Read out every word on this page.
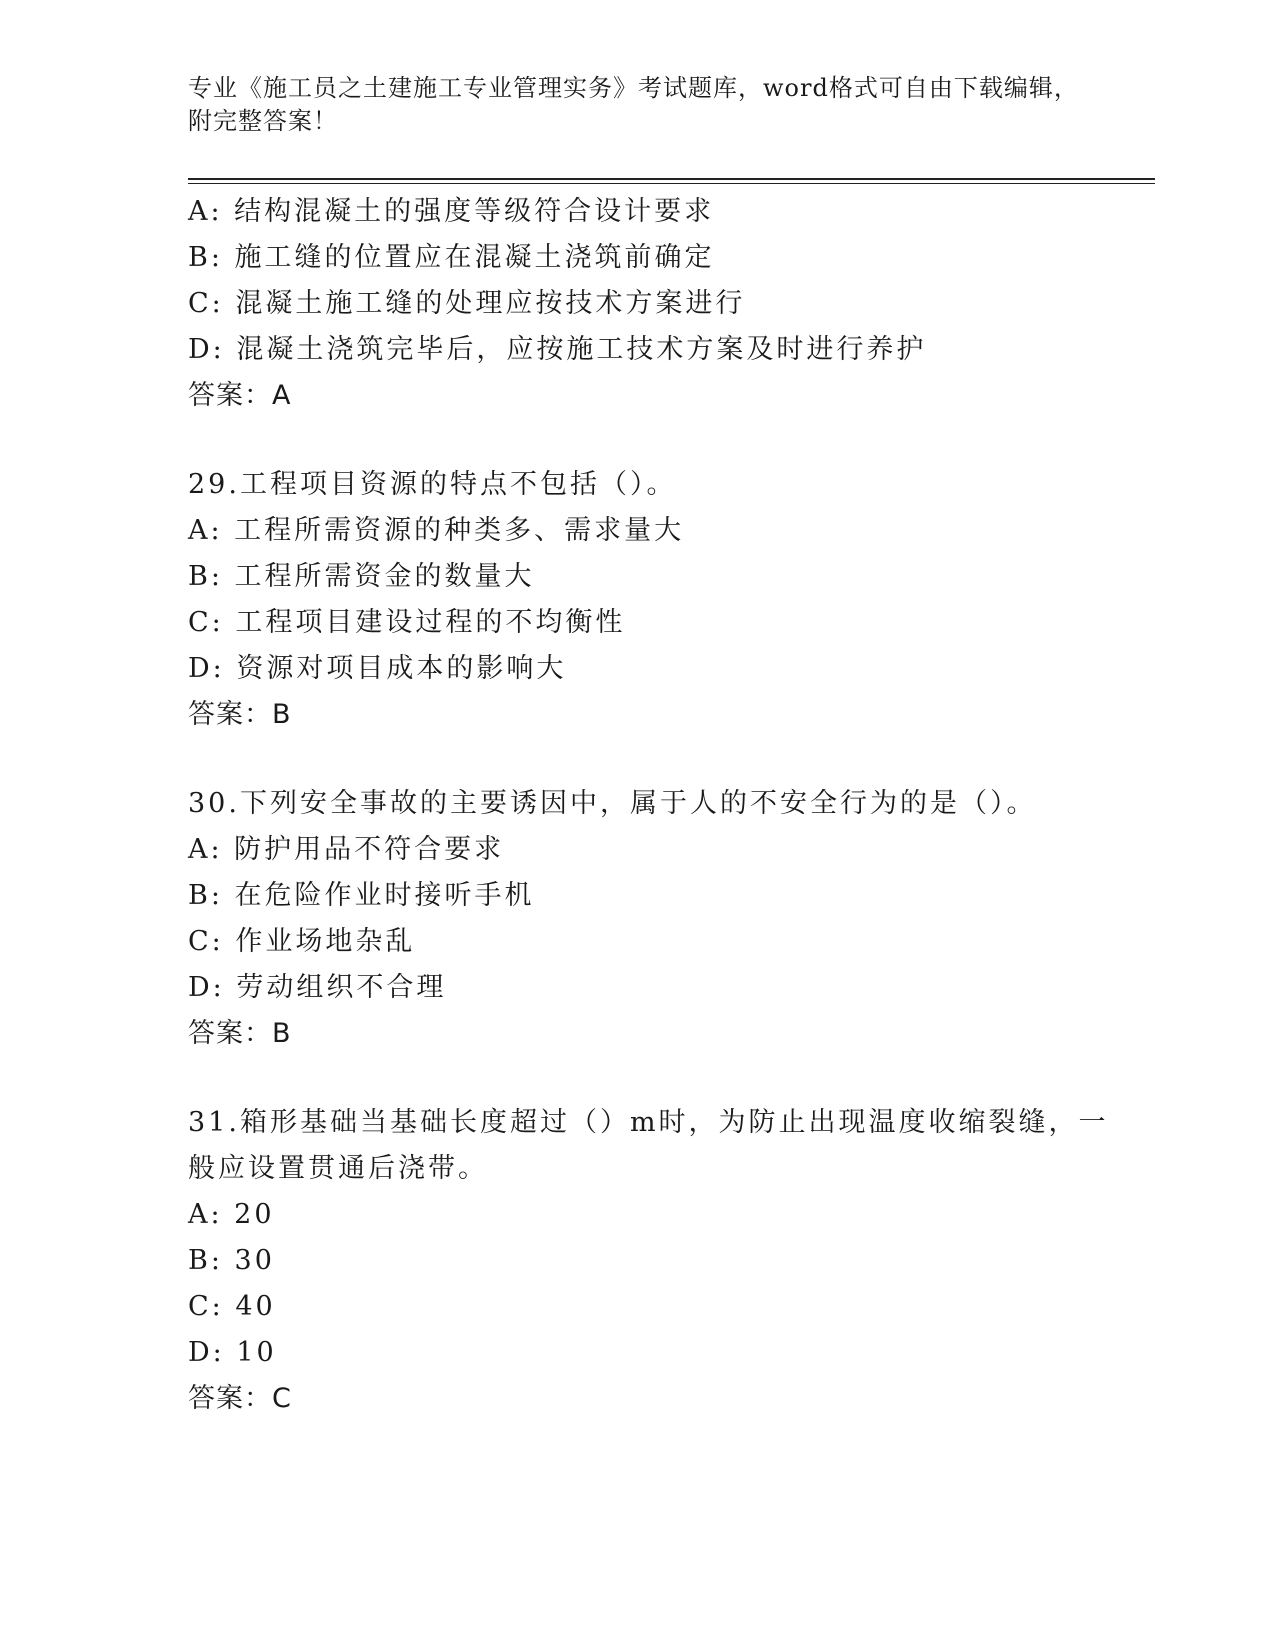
专业《施工员之土建施工专业管理实务》考试题库，word格式可自由下载编辑，
附完整答案！
A: 结构混凝土的强度等级符合设计要求
B: 施工缝的位置应在混凝土浇筑前确定
C: 混凝土施工缝的处理应按技术方案进行
D: 混凝土浇筑完毕后，应按施工技术方案及时进行养护
答案：A
29.工程项目资源的特点不包括（）。
A: 工程所需资源的种类多、需求量大
B: 工程所需资金的数量大
C: 工程项目建设过程的不均衡性
D: 资源对项目成本的影响大
答案：B
30.下列安全事故的主要诱因中，属于人的不安全行为的是（）。
A: 防护用品不符合要求
B: 在危险作业时接听手机
C: 作业场地杂乱
D: 劳动组织不合理
答案：B
31.箱形基础当基础长度超过（）m时，为防止出现温度收缩裂缝，一
般应设置贯通后浇带。
A: 20
B: 30
C: 40
D: 10
答案：C
